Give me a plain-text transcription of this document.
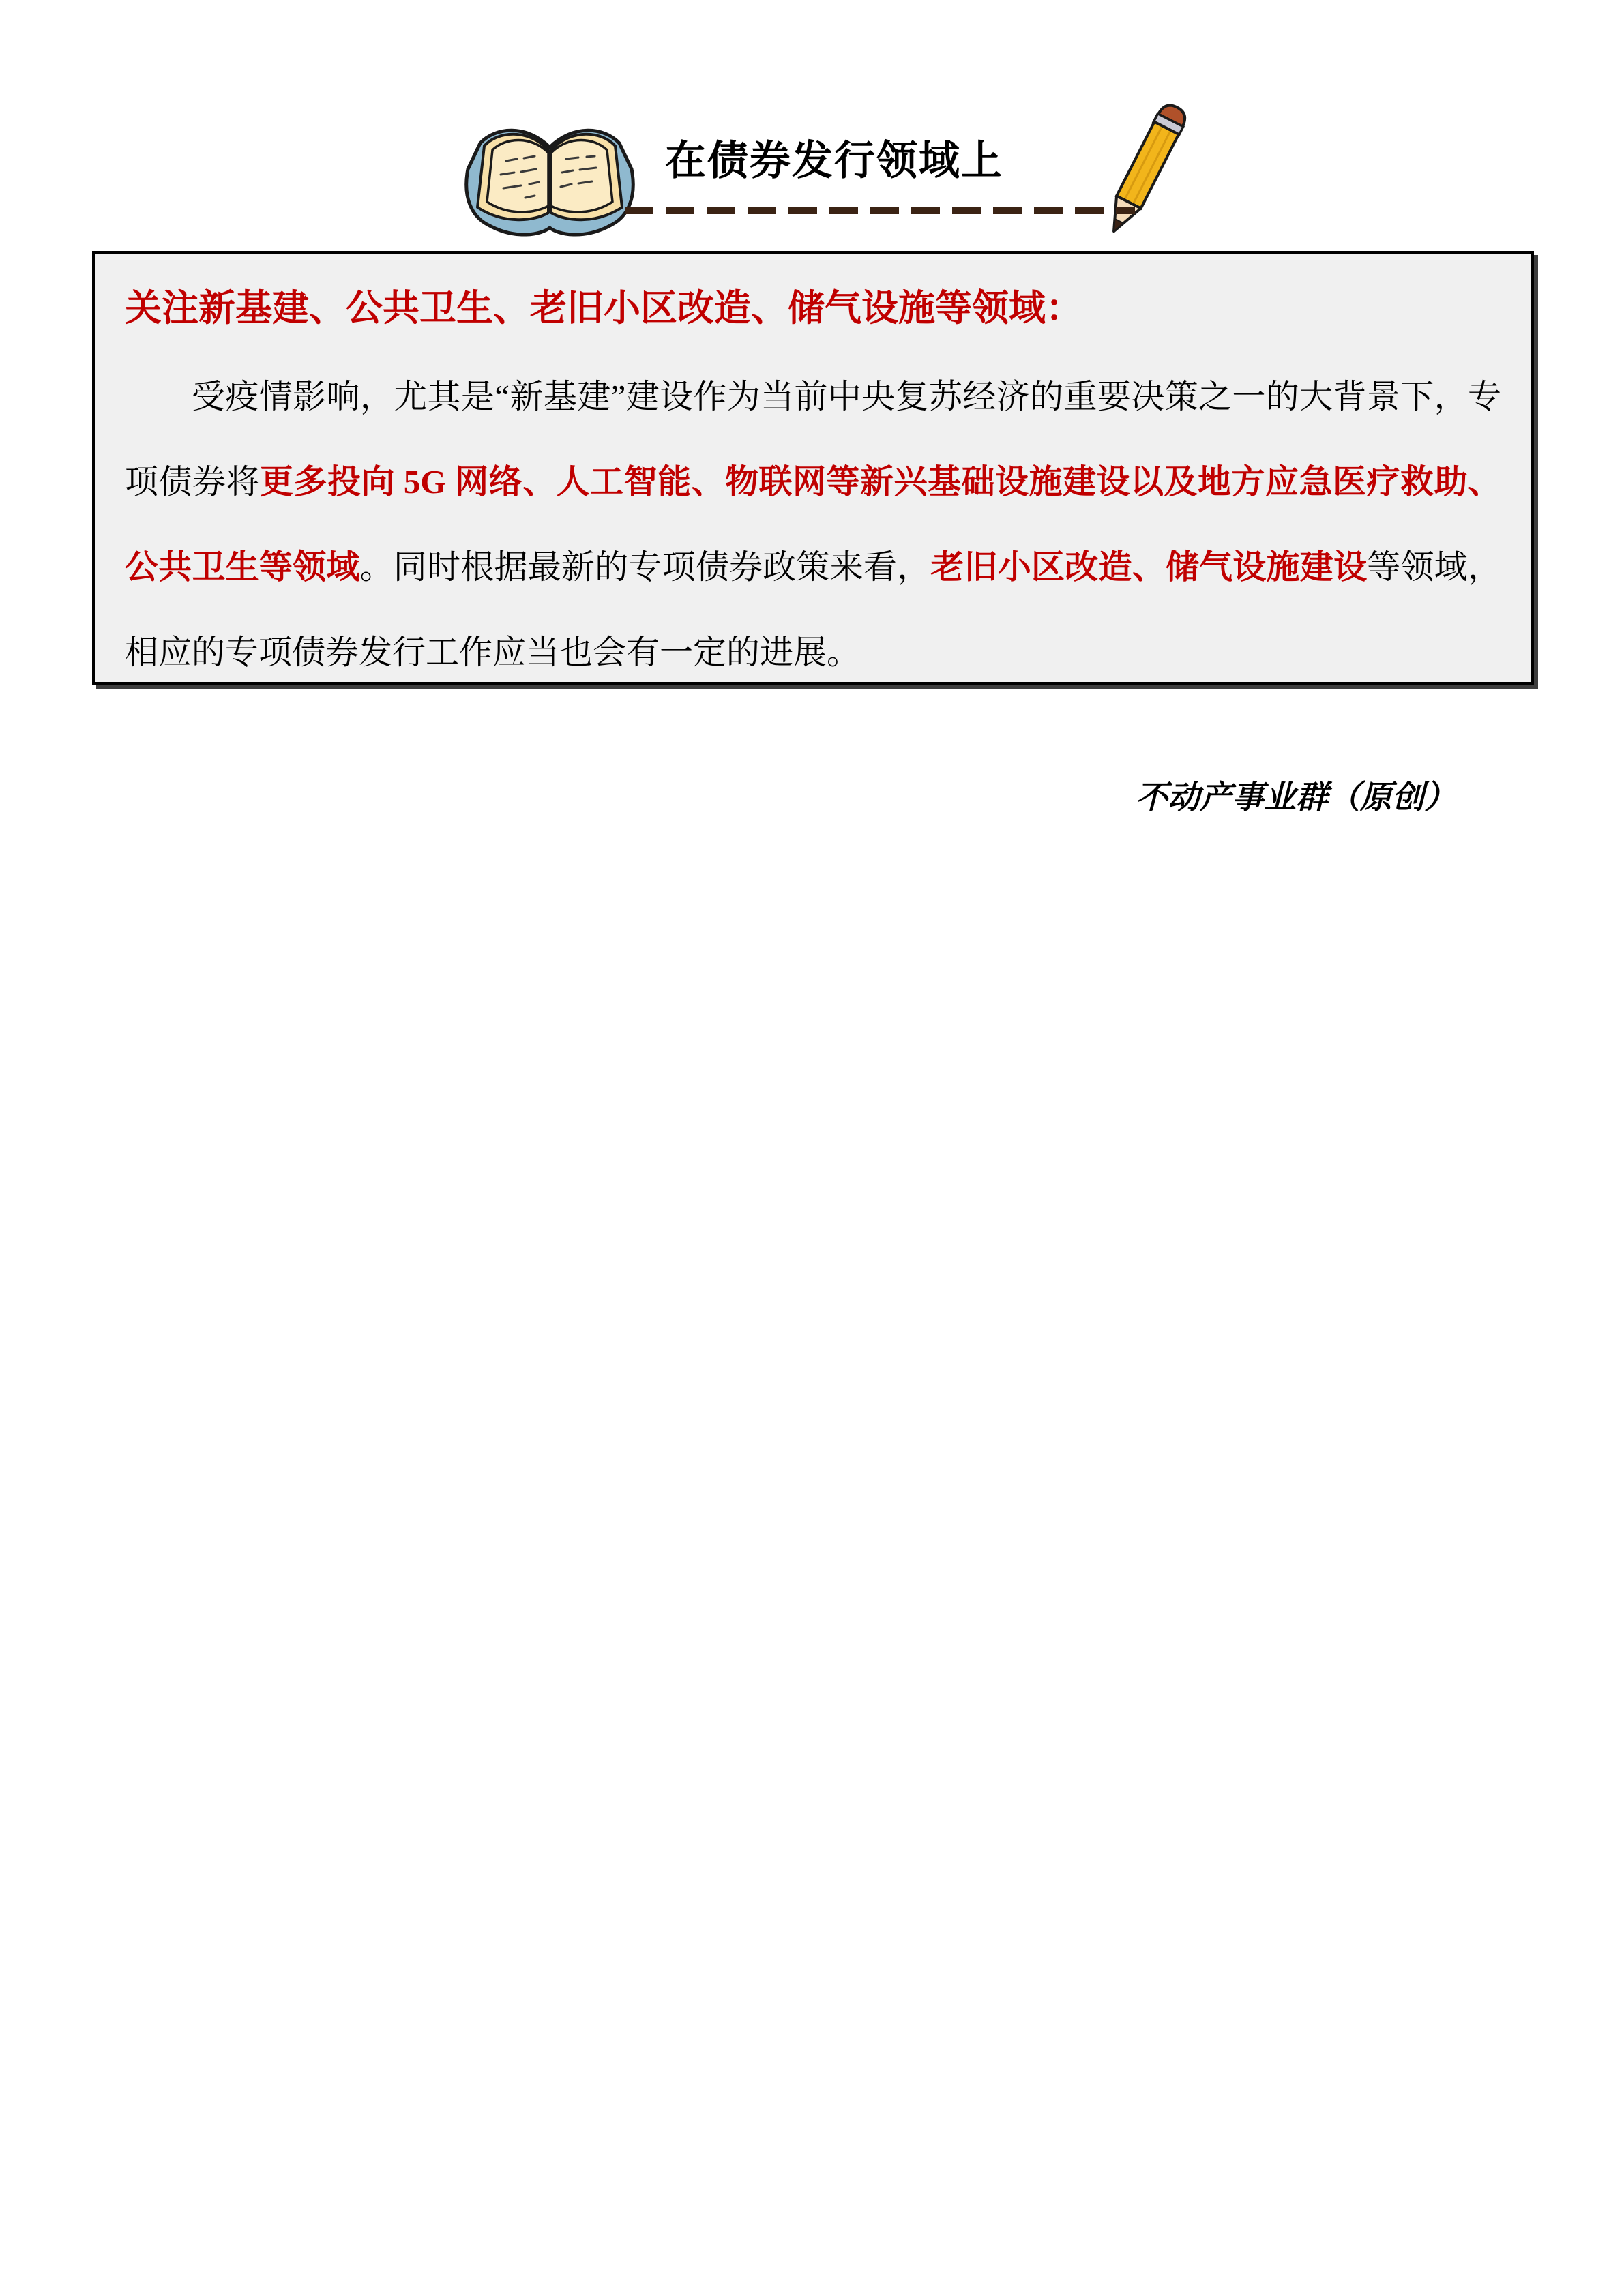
在债券发行领域上
关注新基建、公共卫生、老旧小区改造、储气设施等领域：

受疫情影响，尤其是“新基建”建设作为当前中央复苏经济的重要决策之一的大背景下，专项债券将更多投向 5G 网络、人工智能、物联网等新兴基础设施建设以及地方应急医疗救助、公共卫生等领域。同时根据最新的专项债券政策来看，老旧小区改造、储气设施建设等领域，相应的专项债券发行工作应当也会有一定的进展。

不动产事业群（原创）
